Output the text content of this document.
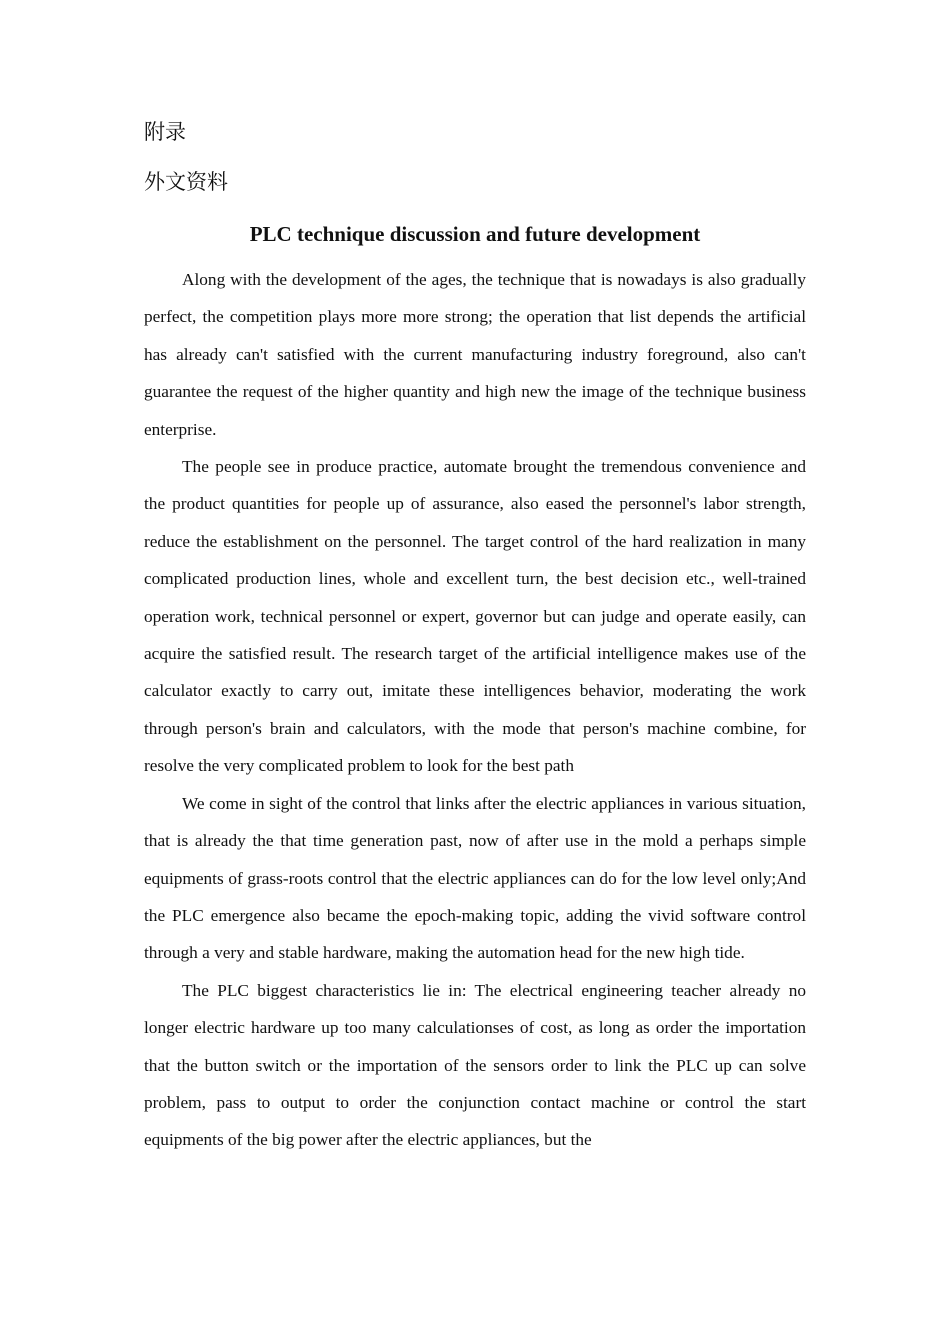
附录
外文资料
PLC technique discussion and future development

Along with the development of the ages, the technique that is nowadays is also gradually perfect, the competition plays more more strong; the operation that list depends the artificial has already can't satisfied with the current manufacturing industry foreground, also can't guarantee the request of the higher quantity and high new the image of the technique business enterprise.

The people see in produce practice, automate brought the tremendous convenience and the product quantities for people up of assurance, also eased the personnel's labor strength, reduce the establishment on the personnel. The target control of the hard realization in many complicated production lines, whole and excellent turn, the best decision etc., well-trained operation work, technical personnel or expert, governor but can judge and operate easily, can acquire the satisfied result. The research target of the artificial intelligence makes use of the calculator exactly to carry out, imitate these intelligences behavior, moderating the work through person's brain and calculators, with the mode that person's machine combine, for resolve the very complicated problem to look for the best path

We come in sight of the control that links after the electric appliances in various situation, that is already the that time generation past, now of after use in the mold a perhaps simple equipments of grass-roots control that the electric appliances can do for the low level only;And the PLC emergence also became the epoch-making topic, adding the vivid software control through a very and stable hardware, making the automation head for the new high tide.

The PLC biggest characteristics lie in: The electrical engineering teacher already no longer electric hardware up too many calculationses of cost, as long as order the importation that the button switch or the importation of the sensors order to link the PLC up can solve problem, pass to output to order the conjunction contact machine or control the start equipments of the big power after the electric appliances, but the
